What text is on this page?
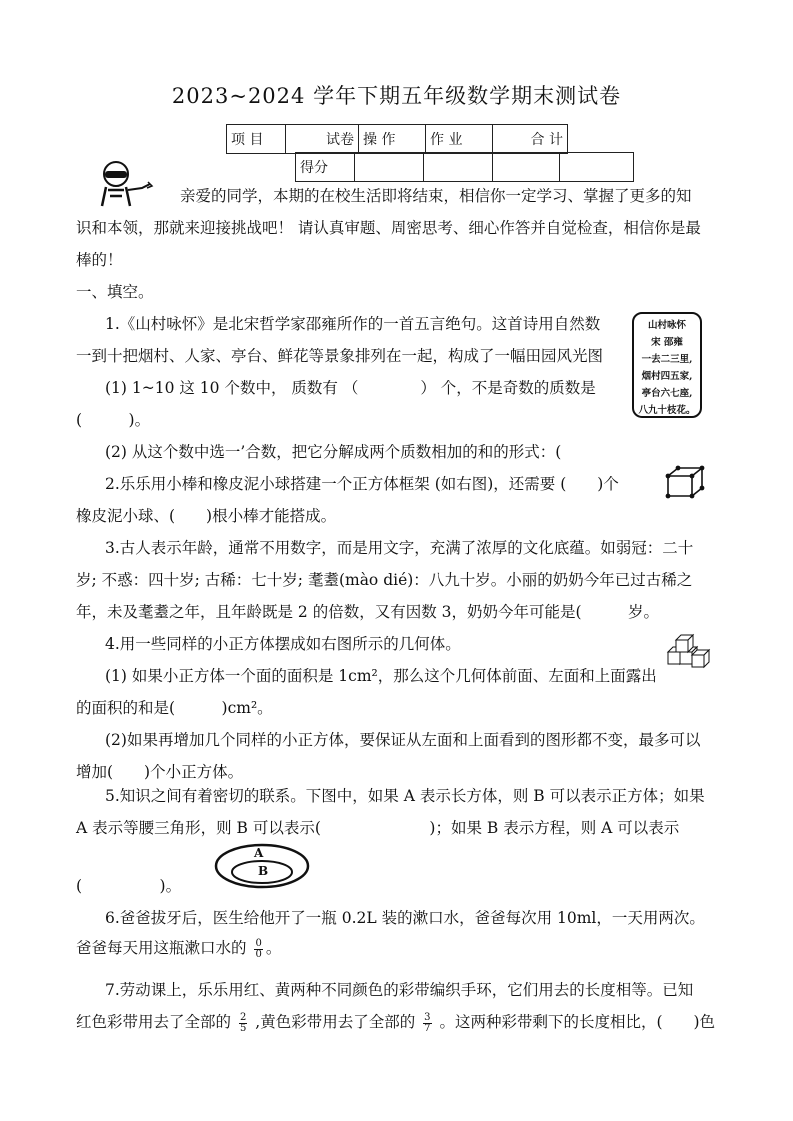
2023~2024 学年下期五年级数学期末测试卷
项 目	试卷	操 作	作 业	合 计
得分				
亲爱的同学，本期的在校生活即将结束，相信你一定学习、掌握了更多的知
识和本领，那就来迎接挑战吧！ 请认真审题、周密思考、细心作答并自觉检查，相信你是最
棒的！
一、填空。
山村咏怀
宋 邵雍
一去二三里,
烟村四五家,
亭台六七座,
八九十枝花。
1.《山村咏怀》是北宋哲学家邵雍所作的一首五言绝句。这首诗用自然数
一到十把烟村、人家、亭台、鲜花等景象排列在一起，构成了一幅田园风光图
(1) 1~10 这 10 个数中， 质数有 （　　　　） 个，不是奇数的质数是
(　　　)。
(2) 从这个数中选一’合数，把它分解成两个质数相加的和的形式：(
2.乐乐用小棒和橡皮泥小球搭建一个正方体框架 (如右图)，还需要 (　　)个
橡皮泥小球、(　　)根小棒才能搭成。
3.古人表示年龄，通常不用数字，而是用文字，充满了浓厚的文化底蕴。如弱冠：二十
岁; 不惑：四十岁; 古稀：七十岁; 耄耋(mào dié)：八九十岁。小丽的奶奶今年已过古稀之
年，未及耄耋之年，且年龄既是 2 的倍数，又有因数 3，奶奶今年可能是(　　　岁。
4.用一些同样的小正方体摆成如右图所示的几何体。
(1) 如果小正方体一个面的面积是 1cm²，那么这个几何体前面、左面和上面露出
的面积的和是(　　　)cm²。
(2)如果再增加几个同样的小正方体，要保证从左面和上面看到的图形都不变，最多可以
增加(　　)个小正方体。
5.知识之间有着密切的联系。下图中，如果 A 表示长方体，则 B 可以表示正方体；如果
A 表示等腰三角形，则 B 可以表示(　　　　　　　)；如果 B 表示方程，则 A 可以表示
A
B
(　　　　　)。
6.爸爸拔牙后，医生给他开了一瓶 0.2L 装的漱口水，爸爸每次用 10ml，一天用两次。
爸爸每天用这瓶漱口水的 $\frac{0}{0}$ 。
7.劳动课上，乐乐用红、黄两种不同颜色的彩带编织手环，它们用去的长度相等。已知
红色彩带用去了全部的 $\frac{2}{5}$ ,黄色彩带用去了全部的 $\frac{3}{7}$ 。这两种彩带剩下的长度相比，(　　)色
